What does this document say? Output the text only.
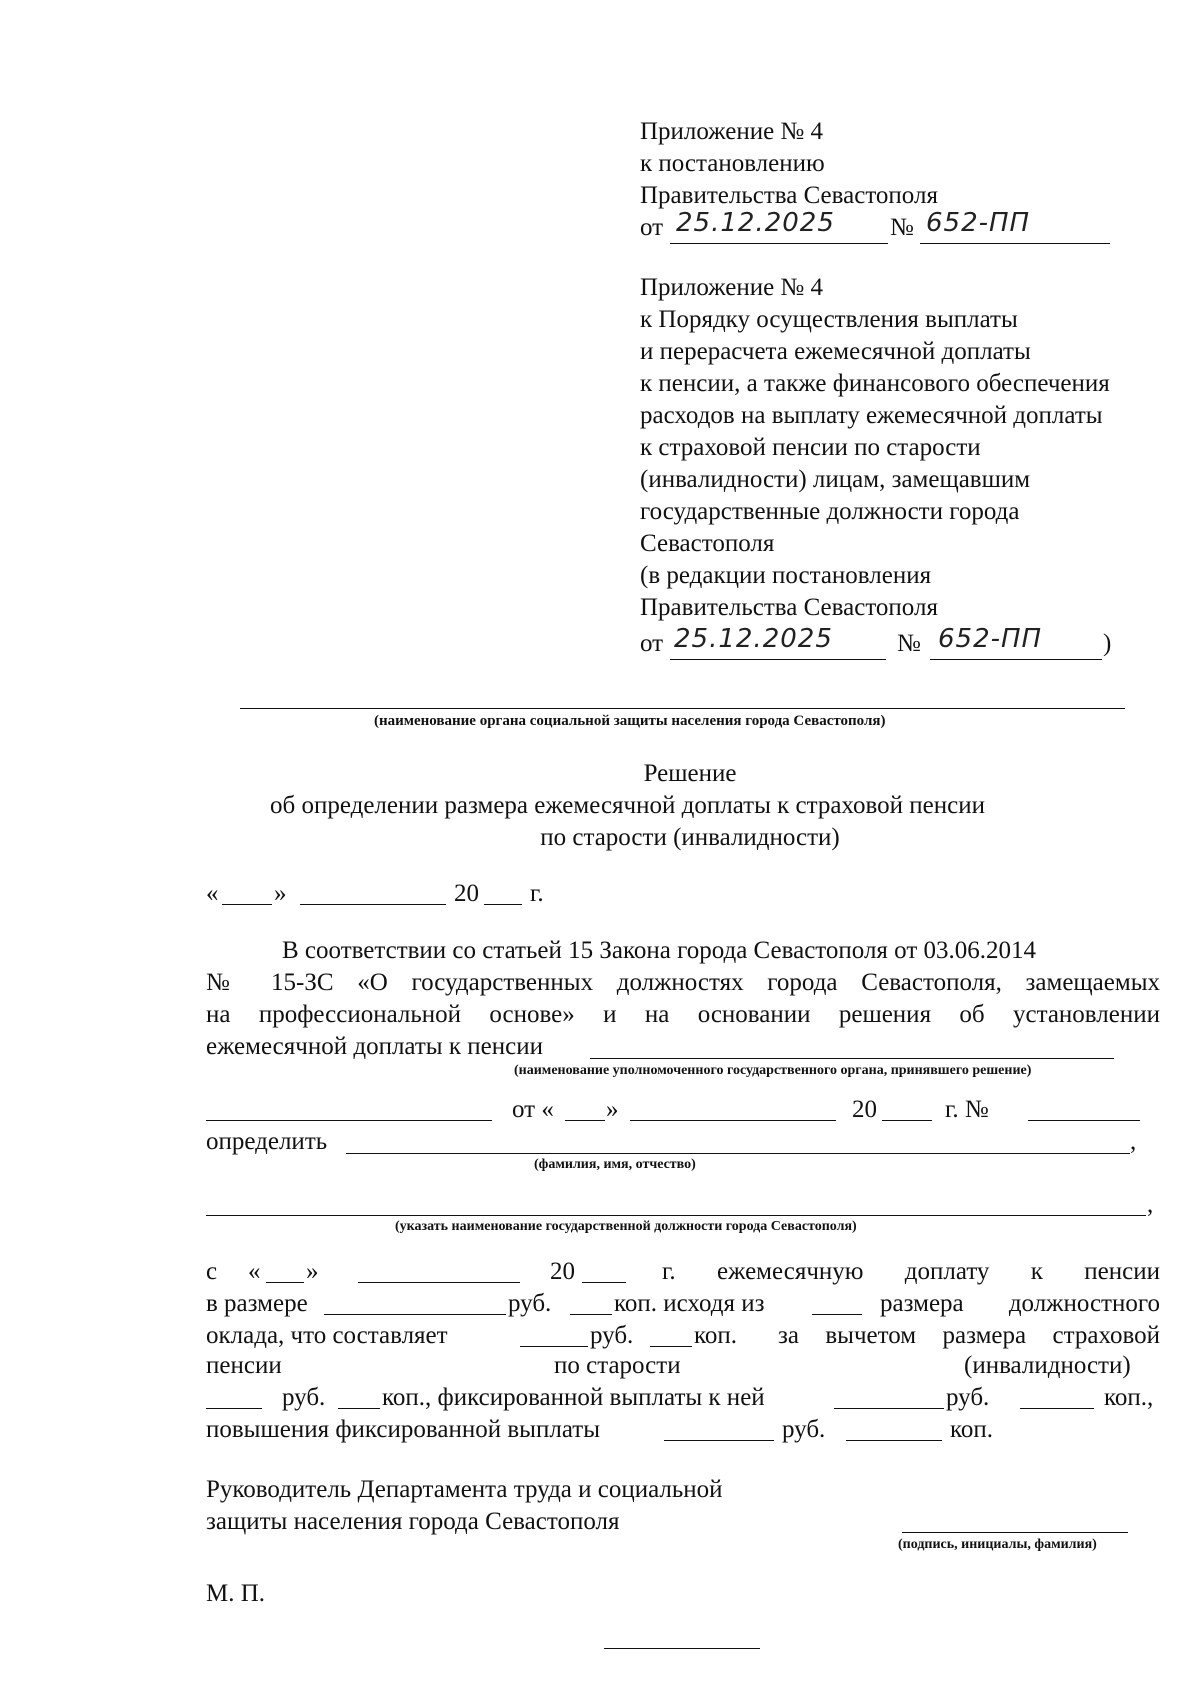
Приложение № 4
к постановлению
Правительства Севастополя
от 25.12.2025 № 652-ПП
Приложение № 4
к Порядку осуществления выплаты
и перерасчета ежемесячной доплаты
к пенсии, а также финансового обеспечения
расходов на выплату ежемесячной доплаты
к страховой пенсии по старости
(инвалидности) лицам, замещавшим
государственные должности города
Севастополя
(в редакции постановления
Правительства Севастополя
от 25.12.2025	№ 652-ПП )
(наименование органа социальной защиты населения города Севастополя)
Решение
об определении размера ежемесячной доплаты к страховой пенсии
по старости (инвалидности)
« »	20 г.
В соответствии со статьей 15 Закона города Севастополя от 03.06.2014
№ 15-ЗС «О государственных должностях города Севастополя, замещаемых
на профессиональной основе» и на основании решения об установлении
ежемесячной доплаты к пенсии
(наименование уполномоченного государственного органа, принявшего решение)
от « »	20	г. №
определить	,
(фамилия, имя, отчество)
,
(указать наименование государственной должности города Севастополя)
с « »	20	г. ежемесячную доплату к пенсии
в размере	руб.	коп. исходя из	размера должностного
оклада, что составляет	руб. коп. за вычетом размера страховой
пенсии	по старости	(инвалидности)
руб. коп., фиксированной выплаты к ней	руб.	коп.,
повышения фиксированной выплаты	руб.	коп.
Руководитель Департамента труда и социальной
защиты населения города Севастополя
(подпись, инициалы, фамилия)
М. П.
